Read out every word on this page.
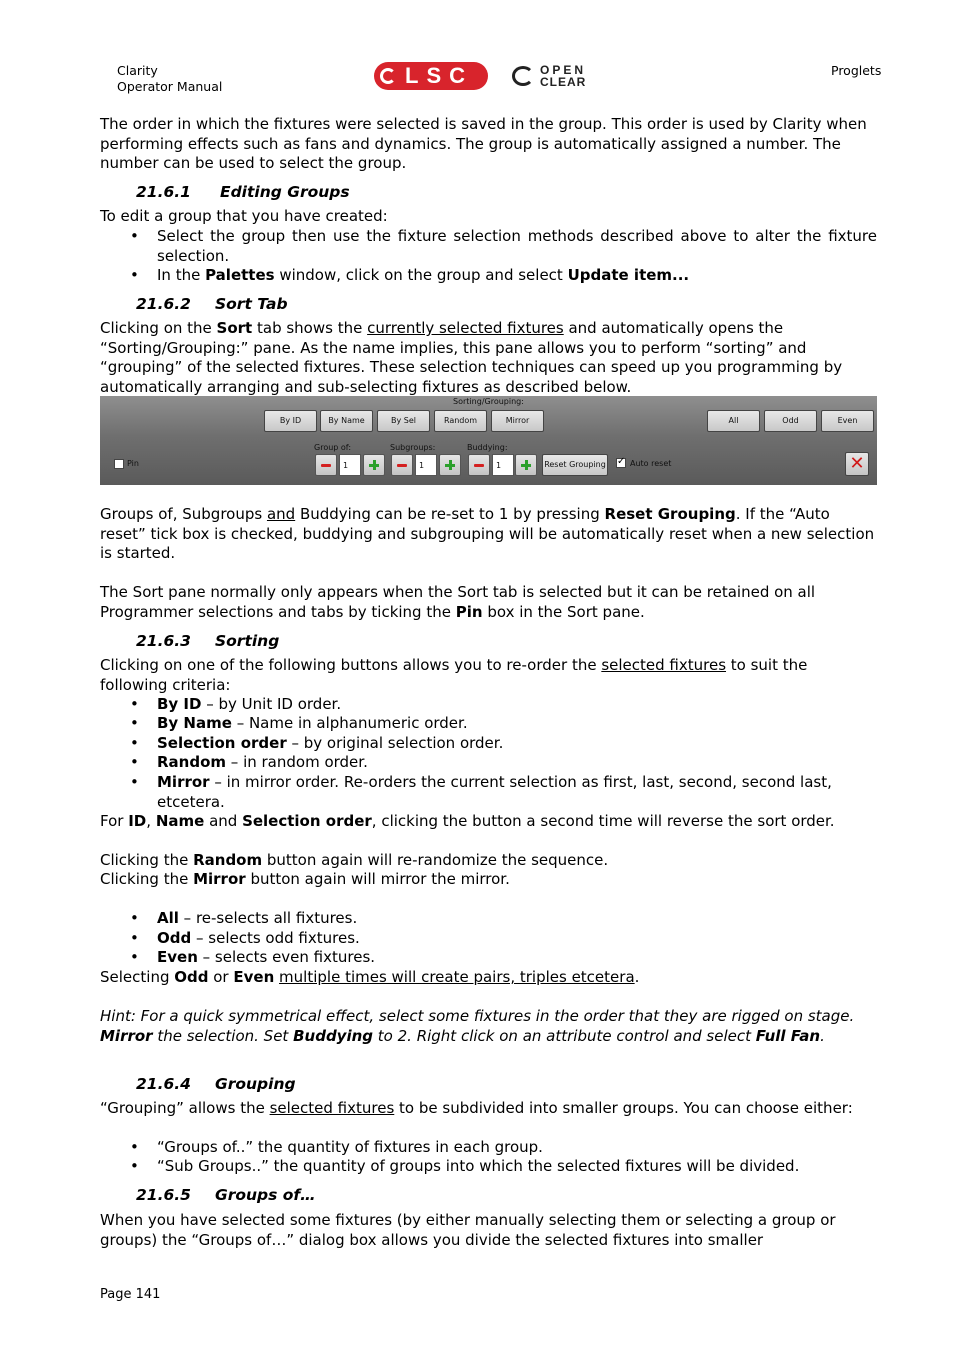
Clarity
Operator Manual	LSC	OPEN
CLEAR
Proglets
The order in which the fixtures were selected is saved in the group. This order is used by Clarity when performing effects such as fans and dynamics. The group is automatically assigned a number. The number can be used to select the group.
21.6.1 Editing Groups
To edit a group that you have created:
• Select the group then use the fixture selection methods described above to alter the fixture selection.
• In the Palettes window, click on the group and select Update item...
21.6.2 Sort Tab
Clicking on the Sort tab shows the currently selected fixtures and automatically opens the “Sorting/Grouping:” pane. As the name implies, this pane allows you to perform “sorting” and “grouping” of the selected fixtures. These selection techniques can speed up you programming by automatically arranging and sub-selecting fixtures as described below.
Sorting/Grouping:
By ID	By Name	By Sel	Random	Mirror	All	Odd	Even
Pin
Group of:
1
Subgroups:
1
Buddying:
1	Reset Grouping
✓	Auto reset	✕
Groups of, Subgroups and Buddying can be re-set to 1 by pressing Reset Grouping. If the “Auto reset” tick box is checked, buddying and subgrouping will be automatically reset when a new selection is started.
The Sort pane normally only appears when the Sort tab is selected but it can be retained on all Programmer selections and tabs by ticking the Pin box in the Sort pane.
21.6.3 Sorting
Clicking on one of the following buttons allows you to re-order the selected fixtures to suit the following criteria:
• By ID – by Unit ID order.
• By Name – Name in alphanumeric order.
• Selection order – by original selection order.
• Random – in random order.
• Mirror – in mirror order. Re-orders the current selection as first, last, second, second last, etcetera.
For ID, Name and Selection order, clicking the button a second time will reverse the sort order.
Clicking the Random button again will re-randomize the sequence.
Clicking the Mirror button again will mirror the mirror.
• All – re-selects all fixtures.
• Odd – selects odd fixtures.
• Even – selects even fixtures.
Selecting Odd or Even multiple times will create pairs, triples etcetera.
Hint: For a quick symmetrical effect, select some fixtures in the order that they are rigged on stage. Mirror the selection. Set Buddying to 2. Right click on an attribute control and select Full Fan.
21.6.4 Grouping
“Grouping” allows the selected fixtures to be subdivided into smaller groups. You can choose either:
• “Groups of..” the quantity of fixtures in each group.
• “Sub Groups..” the quantity of groups into which the selected fixtures will be divided.
21.6.5 Groups of…
When you have selected some fixtures (by either manually selecting them or selecting a group or groups) the “Groups of…” dialog box allows you divide the selected fixtures into smaller
Page 141
